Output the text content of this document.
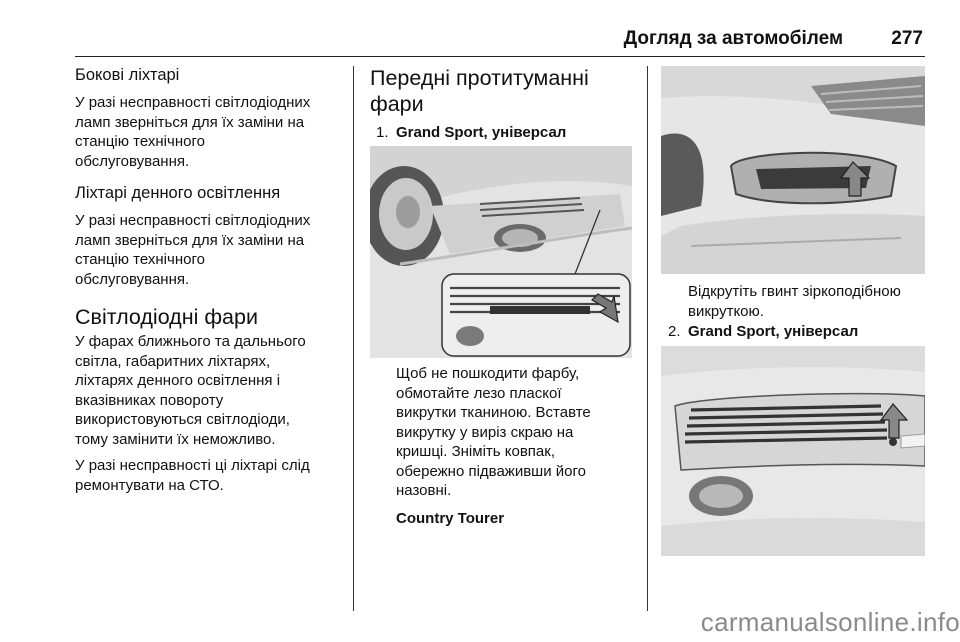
Догляд за автомобілем	277
Бокові ліхтарі

У разі несправності світлодіодних
ламп зверніться для їх заміни на
станцію технічного
обслуговування.

Ліхтарі денного освітлення

У разі несправності світлодіодних
ламп зверніться для їх заміни на
станцію технічного
обслуговування.

Світлодіодні фари

У фарах ближнього та дальнього
світла, габаритних ліхтарях,
ліхтарях денного освітлення і
вказівниках повороту
використовуються світлодіоди,
тому замінити їх неможливо.

У разі несправності ці ліхтарі слід
ремонтувати на СТО.

Передні протитуманні
фари

1. Grand Sport, універсал

Щоб не пошкодити фарбу,
обмотайте лезо пласкої
викрутки тканиною. Вставте
викрутку у виріз скраю на
кришці. Зніміть ковпак,
обережно підваживши його
назовні.

Country Tourer

Відкрутіть гвинт зіркоподібною
викруткою.

2. Grand Sport, універсал

carmanualsonline.info
